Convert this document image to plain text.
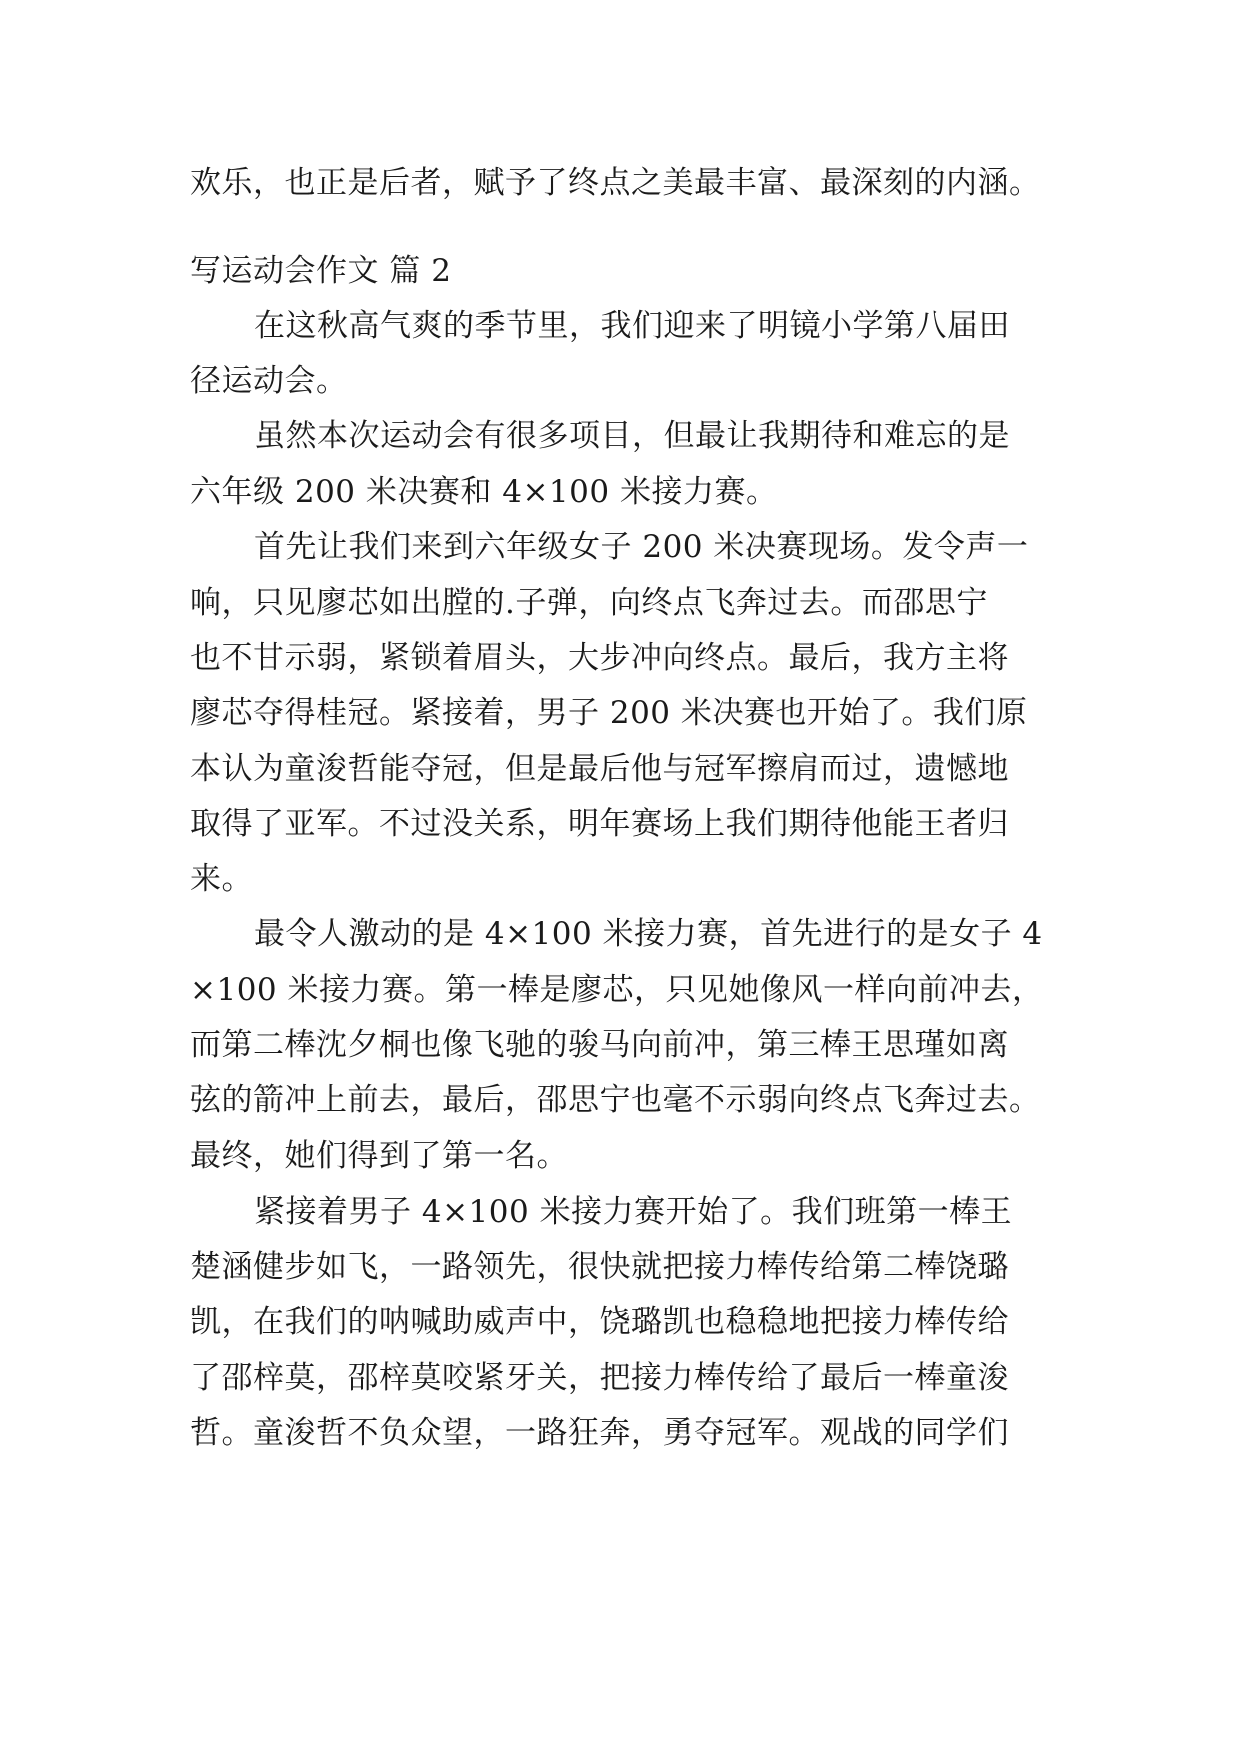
欢乐，也正是后者，赋予了终点之美最丰富、最深刻的内涵。
写运动会作文 篇 2
在这秋高气爽的季节里，我们迎来了明镜小学第八届田
径运动会。
虽然本次运动会有很多项目，但最让我期待和难忘的是
六年级 200 米决赛和 4×100 米接力赛。
首先让我们来到六年级女子 200 米决赛现场。发令声一
响，只见廖芯如出膛的.子弹，向终点飞奔过去。而邵思宁
也不甘示弱，紧锁着眉头，大步冲向终点。最后，我方主将
廖芯夺得桂冠。紧接着，男子 200 米决赛也开始了。我们原
本认为童浚哲能夺冠，但是最后他与冠军擦肩而过，遗憾地
取得了亚军。不过没关系，明年赛场上我们期待他能王者归
来。
最令人激动的是 4×100 米接力赛，首先进行的是女子 4
×100 米接力赛。第一棒是廖芯，只见她像风一样向前冲去，
而第二棒沈夕桐也像飞驰的骏马向前冲，第三棒王思瑾如离
弦的箭冲上前去，最后，邵思宁也毫不示弱向终点飞奔过去。
最终，她们得到了第一名。
紧接着男子 4×100 米接力赛开始了。我们班第一棒王
楚涵健步如飞，一路领先，很快就把接力棒传给第二棒饶璐
凯，在我们的呐喊助威声中，饶璐凯也稳稳地把接力棒传给
了邵梓莫，邵梓莫咬紧牙关，把接力棒传给了最后一棒童浚
哲。童浚哲不负众望，一路狂奔，勇夺冠军。观战的同学们
